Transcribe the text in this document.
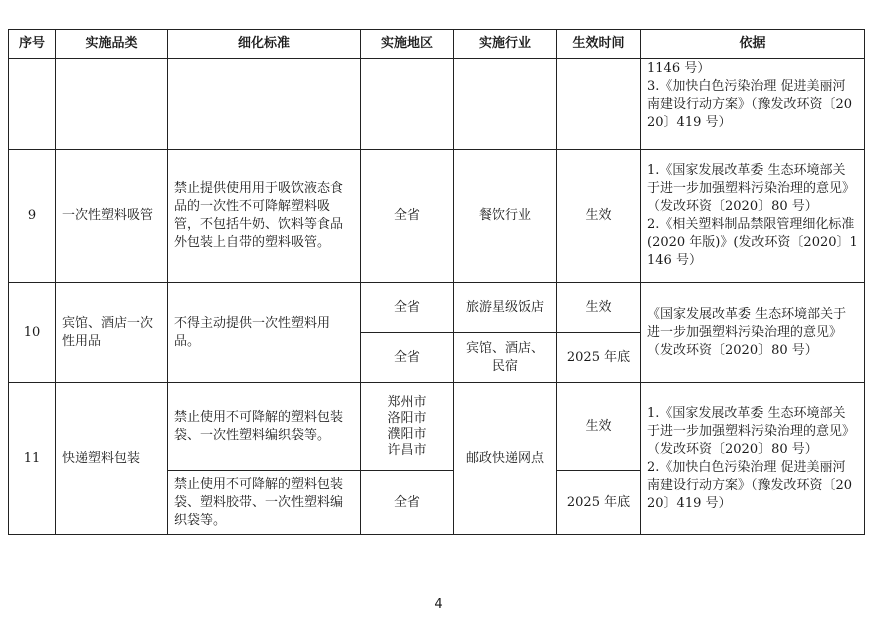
序号	实施品类	细化标准	实施地区	实施行业	生效时间	依据
						1146 号）
3.《加快白色污染治理 促进美丽河南建设行动方案》（豫发改环资〔2020〕419 号）
9	一次性塑料吸管	禁止提供使用用于吸饮液态食品的一次性不可降解塑料吸管，不包括牛奶、饮料等食品外包装上自带的塑料吸管。	全省	餐饮行业	生效	1.《国家发展改革委 生态环境部关于进一步加强塑料污染治理的意见》（发改环资〔2020〕80 号）
2.《相关塑料制品禁限管理细化标准(2020 年版)》(发改环资〔2020〕1146 号）
10	宾馆、酒店一次性用品	不得主动提供一次性塑料用品。	全省	旅游星级饭店	生效	《国家发展改革委 生态环境部关于进一步加强塑料污染治理的意见》（发改环资〔2020〕80 号）
			全省	宾馆、酒店、民宿	2025 年底	
11	快递塑料包装	禁止使用不可降解的塑料包装袋、一次性塑料编织袋等。	郑州市
洛阳市
濮阳市
许昌市	邮政快递网点	生效	1.《国家发展改革委 生态环境部关于进一步加强塑料污染治理的意见》（发改环资〔2020〕80 号）
2.《加快白色污染治理 促进美丽河南建设行动方案》（豫发改环资〔2020〕419 号）
		禁止使用不可降解的塑料包装袋、塑料胶带、一次性塑料编织袋等。	全省		2025 年底	
4
